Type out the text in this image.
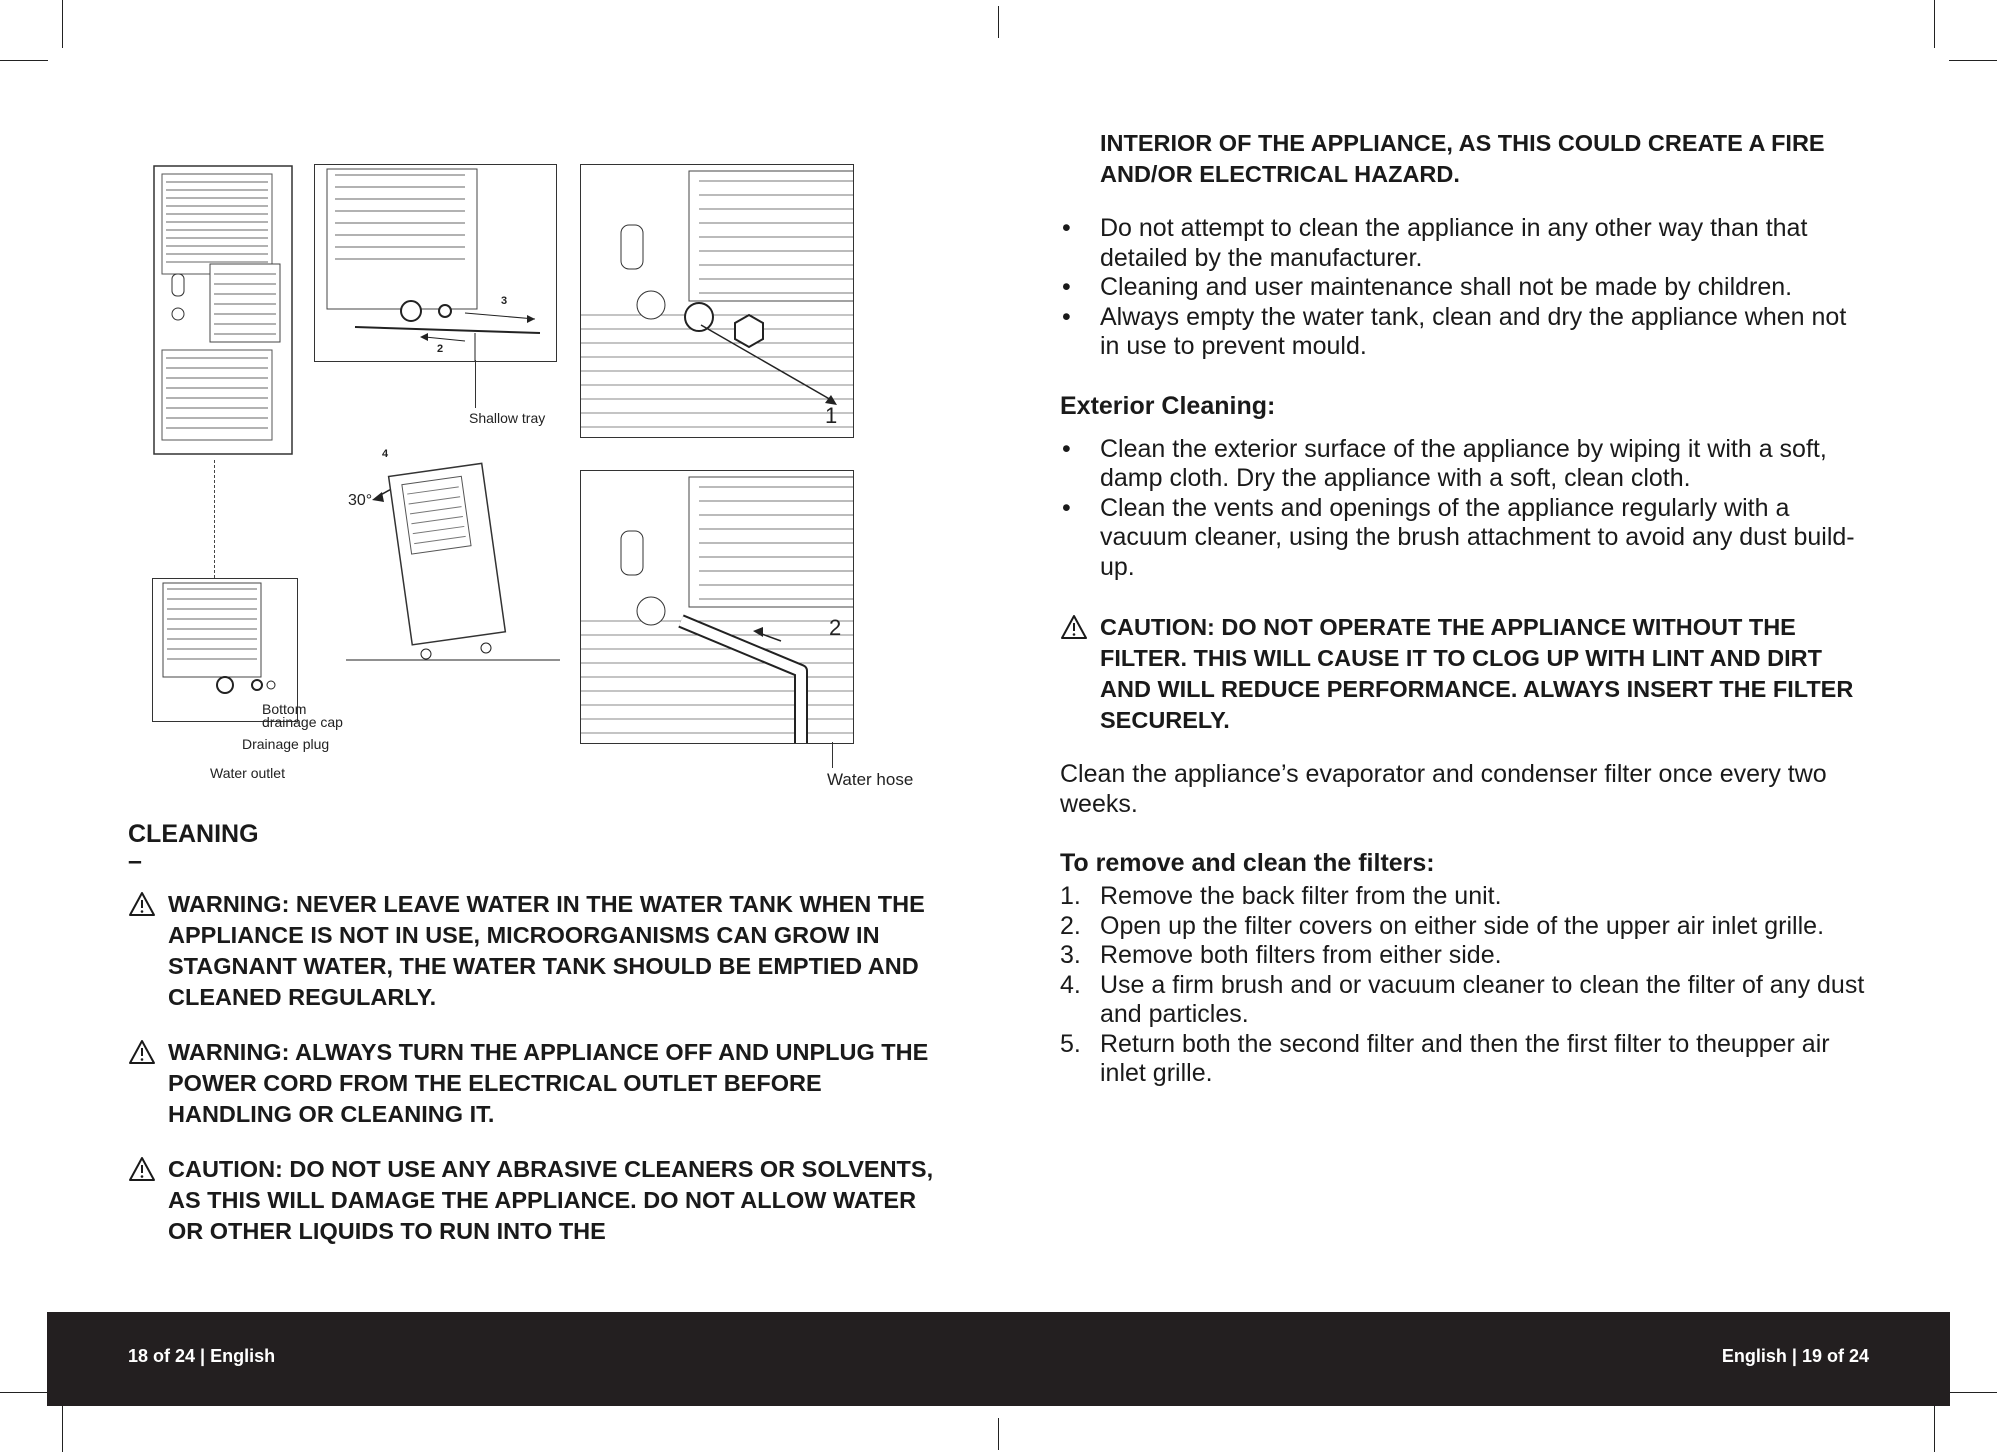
3
2
Shallow tray	1
4
30°
2
Water hose
Bottom drainage cap
Drainage plug
Water outlet
CLEANING
–
WARNING: NEVER LEAVE WATER IN THE WATER TANK WHEN THE APPLIANCE IS NOT IN USE, MICROORGANISMS CAN GROW IN STAGNANT WATER, THE WATER TANK SHOULD BE EMPTIED AND CLEANED REGULARLY.
WARNING: ALWAYS TURN THE APPLIANCE OFF AND UNPLUG THE POWER CORD FROM THE ELECTRICAL OUTLET BEFORE HANDLING OR CLEANING IT.
CAUTION: DO NOT USE ANY ABRASIVE CLEANERS OR SOLVENTS, AS THIS WILL DAMAGE THE APPLIANCE. DO NOT ALLOW WATER OR OTHER LIQUIDS TO RUN INTO THE
INTERIOR OF THE APPLIANCE, AS THIS COULD CREATE A FIRE AND/OR ELECTRICAL HAZARD.
• Do not attempt to clean the appliance in any other way than that detailed by the manufacturer.
• Cleaning and user maintenance shall not be made by children.
• Always empty the water tank, clean and dry the appliance when not in use to prevent mould.
Exterior Cleaning:
• Clean the exterior surface of the appliance by wiping it with a soft, damp cloth. Dry the appliance with a soft, clean cloth.
• Clean the vents and openings of the appliance regularly with a vacuum cleaner, using the brush attachment to avoid any dust build-up.
CAUTION: DO NOT OPERATE THE APPLIANCE WITHOUT THE FILTER. THIS WILL CAUSE IT TO CLOG UP WITH LINT AND DIRT AND WILL REDUCE PERFORMANCE. ALWAYS INSERT THE FILTER SECURELY.
Clean the appliance’s evaporator and condenser filter once every two weeks.
To remove and clean the filters:
1. Remove the back filter from the unit.
2. Open up the filter covers on either side of the upper air inlet grille.
3. Remove both filters from either side.
4. Use a firm brush and or vacuum cleaner to clean the filter of any dust and particles.
5. Return both the second filter and then the first filter to theupper air inlet grille.
18 of 24 | English	English | 19 of 24
